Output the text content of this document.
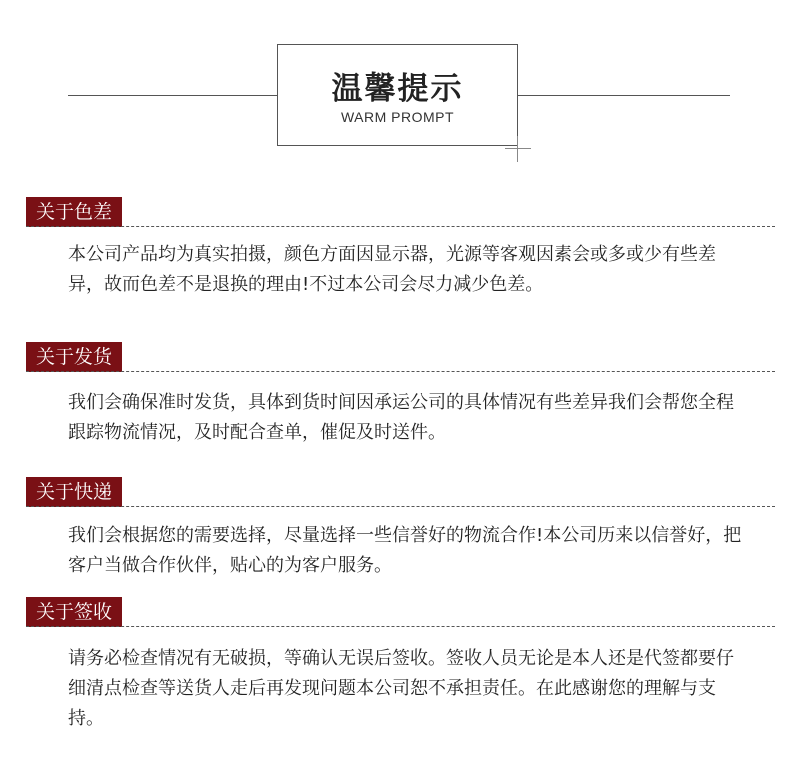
温馨提示
WARM PROMPT
关于色差
本公司产品均为真实拍摄，颜色方面因显示器，光源等客观因素会或多或少有些差异，故而色差不是退换的理由!不过本公司会尽力减少色差。
关于发货
我们会确保准时发货，具体到货时间因承运公司的具体情况有些差异我们会帮您全程跟踪物流情况，及时配合查单，催促及时送件。
关于快递
我们会根据您的需要选择，尽量选择一些信誉好的物流合作!本公司历来以信誉好，把客户当做合作伙伴，贴心的为客户服务。
关于签收
请务必检查情况有无破损，等确认无误后签收。签收人员无论是本人还是代签都要仔细清点检查等送货人走后再发现问题本公司恕不承担责任。在此感谢您的理解与支持。
